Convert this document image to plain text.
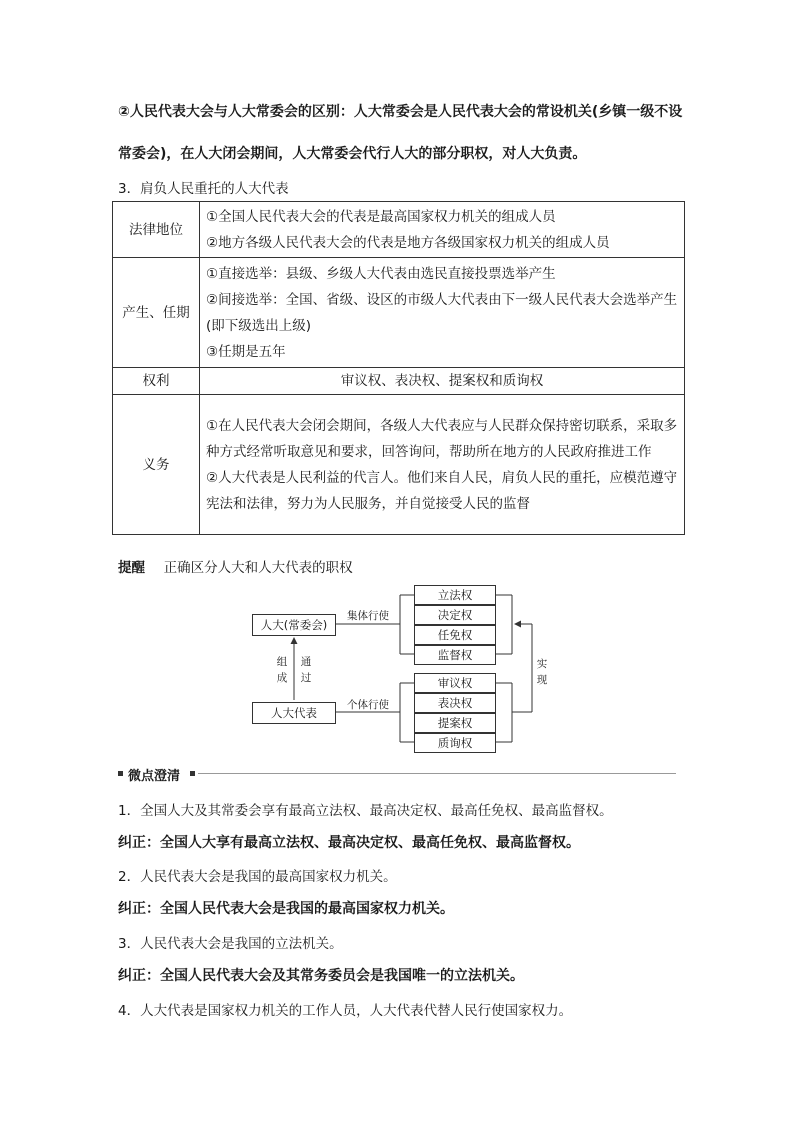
②人民代表大会与人大常委会的区别：人大常委会是人民代表大会的常设机关(乡镇一级不设
常委会)，在人大闭会期间，人大常委会代行人大的部分职权，对人大负责。
3．肩负人民重托的人大代表
法律地位	①全国人民代表大会的代表是最高国家权力机关的组成人员
②地方各级人民代表大会的代表是地方各级国家权力机关的组成人员

产生、任期	①直接选举：县级、乡级人大代表由选民直接投票选举产生
②间接选举：全国、省级、设区的市级人大代表由下一级人民代表大会选举产生(即下级选出上级)
③任期是五年

权利	审议权、表决权、提案权和质询权
义务	①在人民代表大会闭会期间，各级人大代表应与人民群众保持密切联系，采取多种方式经常听取意见和要求，回答询问，帮助所在地方的人民政府推进工作
②人大代表是人民利益的代言人。他们来自人民，肩负人民的重托，应模范遵守宪法和法律，努力为人民服务，并自觉接受人民的监督
提醒 正确区分人大和人大代表的职权
人大(常委会)
人大代表
集体行使
个体行使
组成
通过
实现
立法权
决定权
任免权
监督权
审议权
表决权
提案权
质询权
微点澄清
1．全国人大及其常委会享有最高立法权、最高决定权、最高任免权、最高监督权。
纠正：全国人大享有最高立法权、最高决定权、最高任免权、最高监督权。
2．人民代表大会是我国的最高国家权力机关。
纠正：全国人民代表大会是我国的最高国家权力机关。
3．人民代表大会是我国的立法机关。
纠正：全国人民代表大会及其常务委员会是我国唯一的立法机关。
4．人大代表是国家权力机关的工作人员，人大代表代替人民行使国家权力。
